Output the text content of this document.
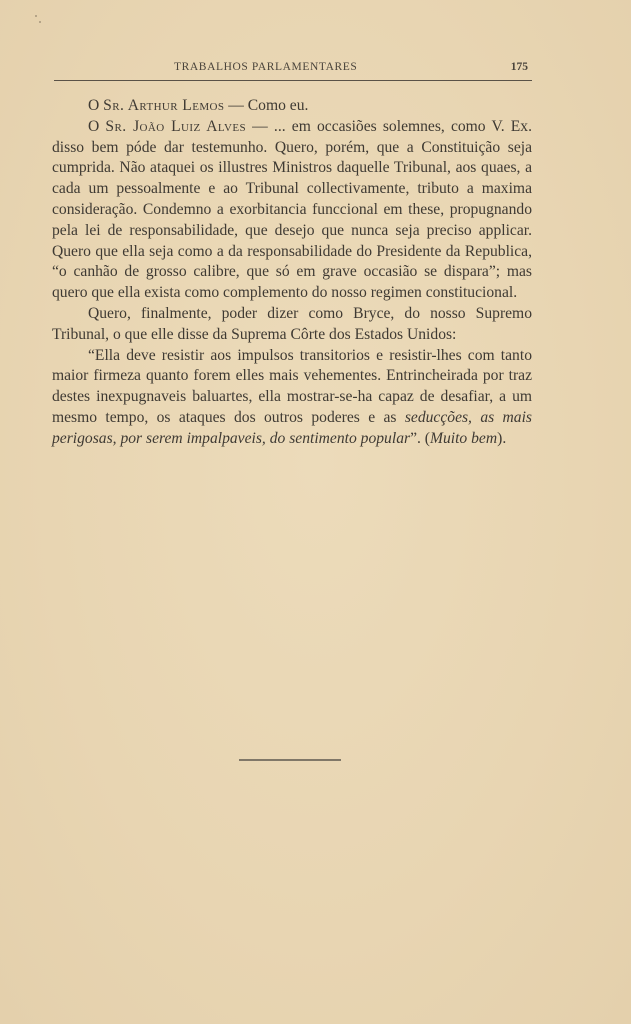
TRABALHOS PARLAMENTARES	175

O Sr. Arthur Lemos — Como eu.

O Sr. João Luiz Alves — ... em occasiões solemnes, como V. Ex. disso bem póde dar testemunho. Quero, porém, que a Constituição seja cumprida. Não ataquei os illustres Ministros daquelle Tribunal, aos quaes, a cada um pessoalmente e ao Tribunal collectivamente, tributo a maxima consideração. Condemno a exorbitancia funccional em these, propugnando pela lei de responsabilidade, que desejo que nunca seja preciso applicar. Quero que ella seja como a da responsabilidade do Presidente da Republica, “o canhão de grosso calibre, que só em grave occasião se dispara”; mas quero que ella exista como complemento do nosso regimen constitucional.

Quero, finalmente, poder dizer como Bryce, do nosso Supremo Tribunal, o que elle disse da Suprema Côrte dos Estados Unidos:

“Ella deve resistir aos impulsos transitorios e resistir-lhes com tanto maior firmeza quanto forem elles mais vehementes. Entrincheirada por traz destes inexpugnaveis baluartes, ella mostrar-se-ha capaz de desafiar, a um mesmo tempo, os ataques dos outros poderes e as seducções, as mais perigosas, por serem impalpaveis, do sentimento popular”. (Muito bem).
